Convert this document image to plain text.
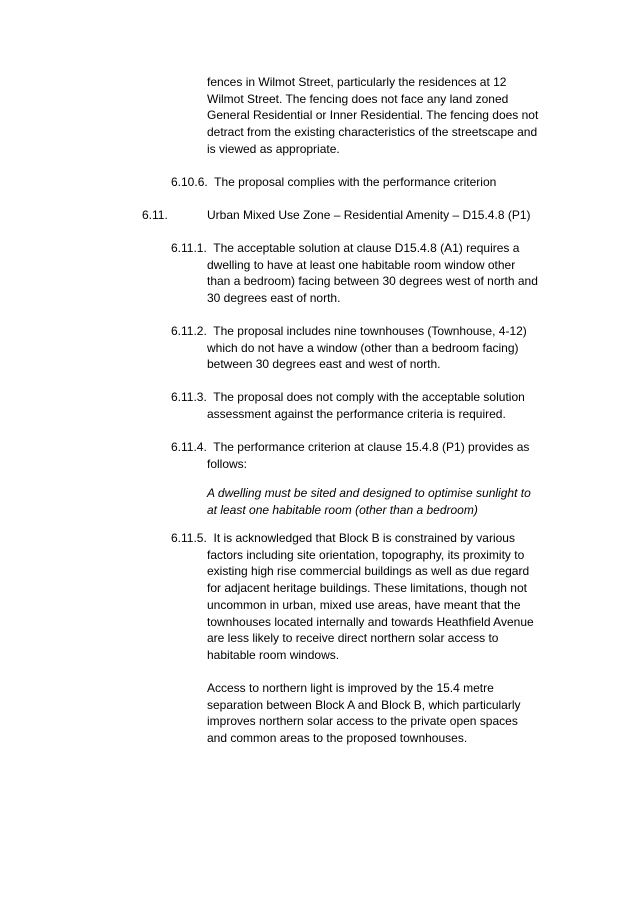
fences in Wilmot Street, particularly the residences at 12
Wilmot Street. The fencing does not face any land zoned
General Residential or Inner Residential. The fencing does not
detract from the existing characteristics of the streetscape and
is viewed as appropriate.
6.10.6. The proposal complies with the performance criterion
6.11.	Urban Mixed Use Zone – Residential Amenity – D15.4.8 (P1)
6.11.1. The acceptable solution at clause D15.4.8 (A1) requires a
dwelling to have at least one habitable room window other
than a bedroom) facing between 30 degrees west of north and
30 degrees east of north.
6.11.2. The proposal includes nine townhouses (Townhouse, 4-12)
which do not have a window (other than a bedroom facing)
between 30 degrees east and west of north.
6.11.3. The proposal does not comply with the acceptable solution
assessment against the performance criteria is required.
6.11.4. The performance criterion at clause 15.4.8 (P1) provides as
follows:
A dwelling must be sited and designed to optimise sunlight to
at least one habitable room (other than a bedroom)
6.11.5. It is acknowledged that Block B is constrained by various
factors including site orientation, topography, its proximity to
existing high rise commercial buildings as well as due regard
for adjacent heritage buildings. These limitations, though not
uncommon in urban, mixed use areas, have meant that the
townhouses located internally and towards Heathfield Avenue
are less likely to receive direct northern solar access to
habitable room windows.
Access to northern light is improved by the 15.4 metre
separation between Block A and Block B, which particularly
improves northern solar access to the private open spaces
and common areas to the proposed townhouses.
